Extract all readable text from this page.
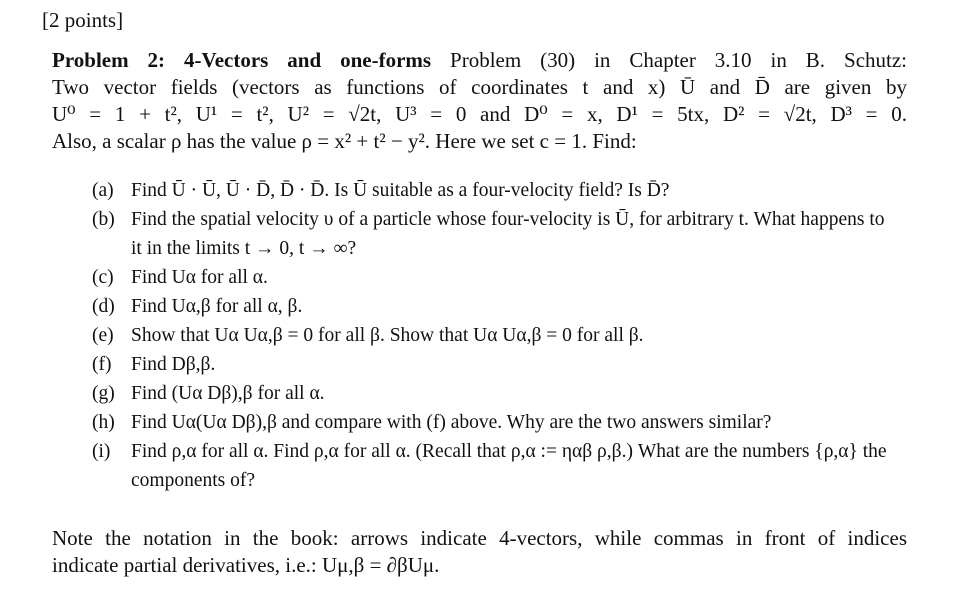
[2 points]
Problem 2: 4-Vectors and one-forms Problem (30) in Chapter 3.10 in B. Schutz:
Two vector fields (vectors as functions of coordinates t and x) Ū and D̄ are given by
U⁰ = 1 + t², U¹ = t², U² = √2t, U³ = 0 and D⁰ = x, D¹ = 5tx, D² = √2t, D³ = 0.
Also, a scalar ρ has the value ρ = x² + t² − y². Here we set c = 1. Find:
(a) Find Ū · Ū, Ū · D̄, D̄ · D̄. Is Ū suitable as a four-velocity field? Is D̄?
(b) Find the spatial velocity υ of a particle whose four-velocity is Ū, for arbitrary t. What happens to it in the limits t → 0, t → ∞?
(c) Find Uα for all α.
(d) Find Uα,β for all α, β.
(e) Show that Uα Uα,β = 0 for all β. Show that Uα Uα,β = 0 for all β.
(f) Find Dβ,β.
(g) Find (Uα Dβ),β for all α.
(h) Find Uα(Uα Dβ),β and compare with (f) above. Why are the two answers similar?
(i) Find ρ,α for all α. Find ρ,α for all α. (Recall that ρ,α := ηαβ ρ,β.) What are the numbers {ρ,α} the components of?
Note the notation in the book: arrows indicate 4-vectors, while commas in front of indices
indicate partial derivatives, i.e.: Uμ,β = ∂βUμ.
